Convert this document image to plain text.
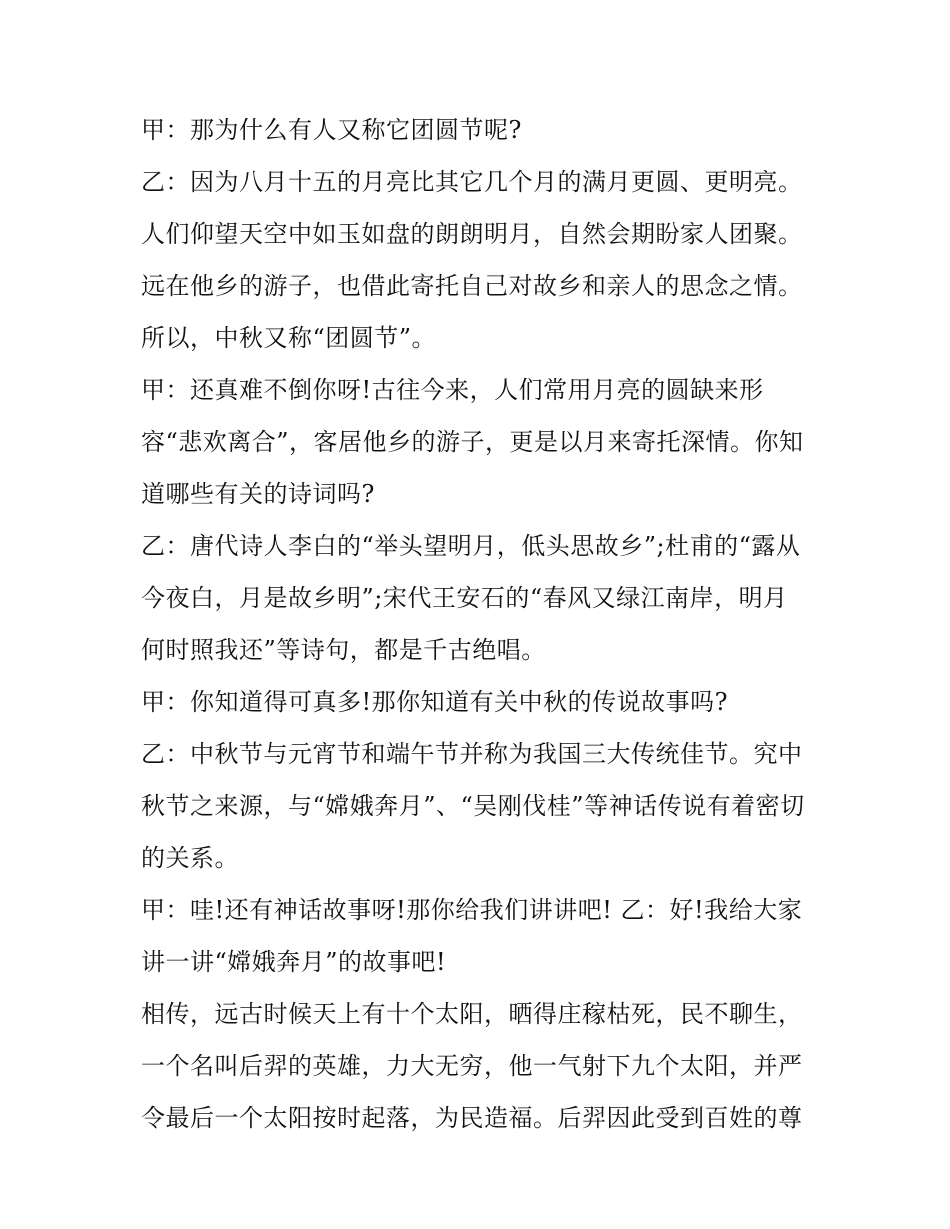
甲：那为什么有人又称它团圆节呢?
乙：因为八月十五的月亮比其它几个月的满月更圆、更明亮。
人们仰望天空中如玉如盘的朗朗明月，自然会期盼家人团聚。
远在他乡的游子，也借此寄托自己对故乡和亲人的思念之情。
所以，中秋又称“团圆节”。
甲：还真难不倒你呀!古往今来，人们常用月亮的圆缺来形
容“悲欢离合”，客居他乡的游子，更是以月来寄托深情。你知
道哪些有关的诗词吗?
乙：唐代诗人李白的“举头望明月，低头思故乡”;杜甫的“露从
今夜白，月是故乡明”;宋代王安石的“春风又绿江南岸，明月
何时照我还”等诗句，都是千古绝唱。
甲：你知道得可真多!那你知道有关中秋的传说故事吗?
乙：中秋节与元宵节和端午节并称为我国三大传统佳节。究中
秋节之来源，与“嫦娥奔月”、“吴刚伐桂”等神话传说有着密切
的关系。
甲：哇!还有神话故事呀!那你给我们讲讲吧! 乙：好!我给大家
讲一讲“嫦娥奔月”的故事吧!
相传，远古时候天上有十个太阳，晒得庄稼枯死，民不聊生，
一个名叫后羿的英雄，力大无穷，他一气射下九个太阳，并严
令最后一个太阳按时起落，为民造福。后羿因此受到百姓的尊
